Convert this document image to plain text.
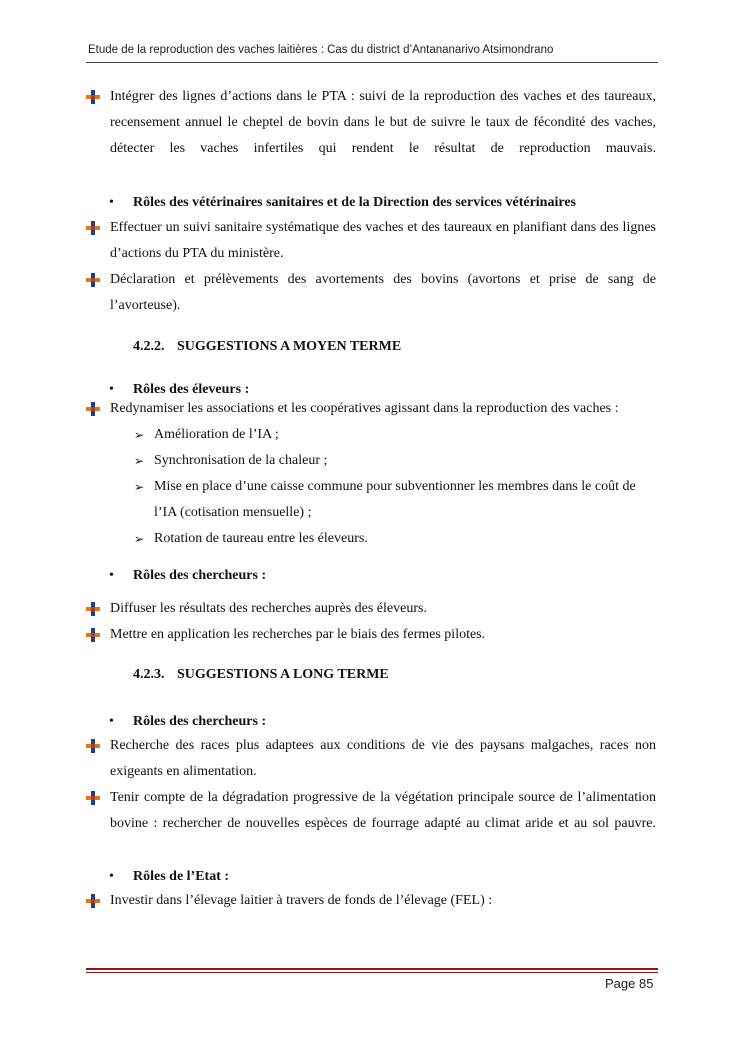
Etude de la reproduction des vaches laitières : Cas du district d’Antananarivo Atsimondrano
Intégrer des lignes d’actions dans le PTA : suivi de la reproduction des vaches et des taureaux, recensement annuel le cheptel de bovin dans le but de suivre le taux de fécondité des vaches, détecter les vaches infertiles qui rendent le résultat de reproduction mauvais.
• Rôles des vétérinaires sanitaires et de la Direction des services vétérinaires
Effectuer un suivi sanitaire systématique des vaches et des taureaux en planifiant dans des lignes d’actions du PTA du ministère.
Déclaration et prélèvements des avortements des bovins (avortons et prise de sang de l’avorteuse).
4.2.2. SUGGESTIONS A MOYEN TERME
• Rôles des éleveurs :
Redynamiser les associations et les coopératives agissant dans la reproduction des vaches :
➢ Amélioration de l’IA ;
➢ Synchronisation de la chaleur ;
➢ Mise en place d’une caisse commune pour subventionner les membres dans le coût de l’IA (cotisation mensuelle) ;
➢ Rotation de taureau entre les éleveurs.
• Rôles des chercheurs :
Diffuser les résultats des recherches auprès des éleveurs.
Mettre en application les recherches par le biais des fermes pilotes.
4.2.3. SUGGESTIONS A LONG TERME
• Rôles des chercheurs :
Recherche des races plus adaptees aux conditions de vie des paysans malgaches, races non exigeants en alimentation.
Tenir compte de la dégradation progressive de la végétation principale source de l’alimentation bovine : rechercher de nouvelles espèces de fourrage adapté au climat aride et au sol pauvre.
• Rôles de l’Etat :
Investir dans l’élevage laitier à travers de fonds de l’élevage (FEL) :
Page 85
